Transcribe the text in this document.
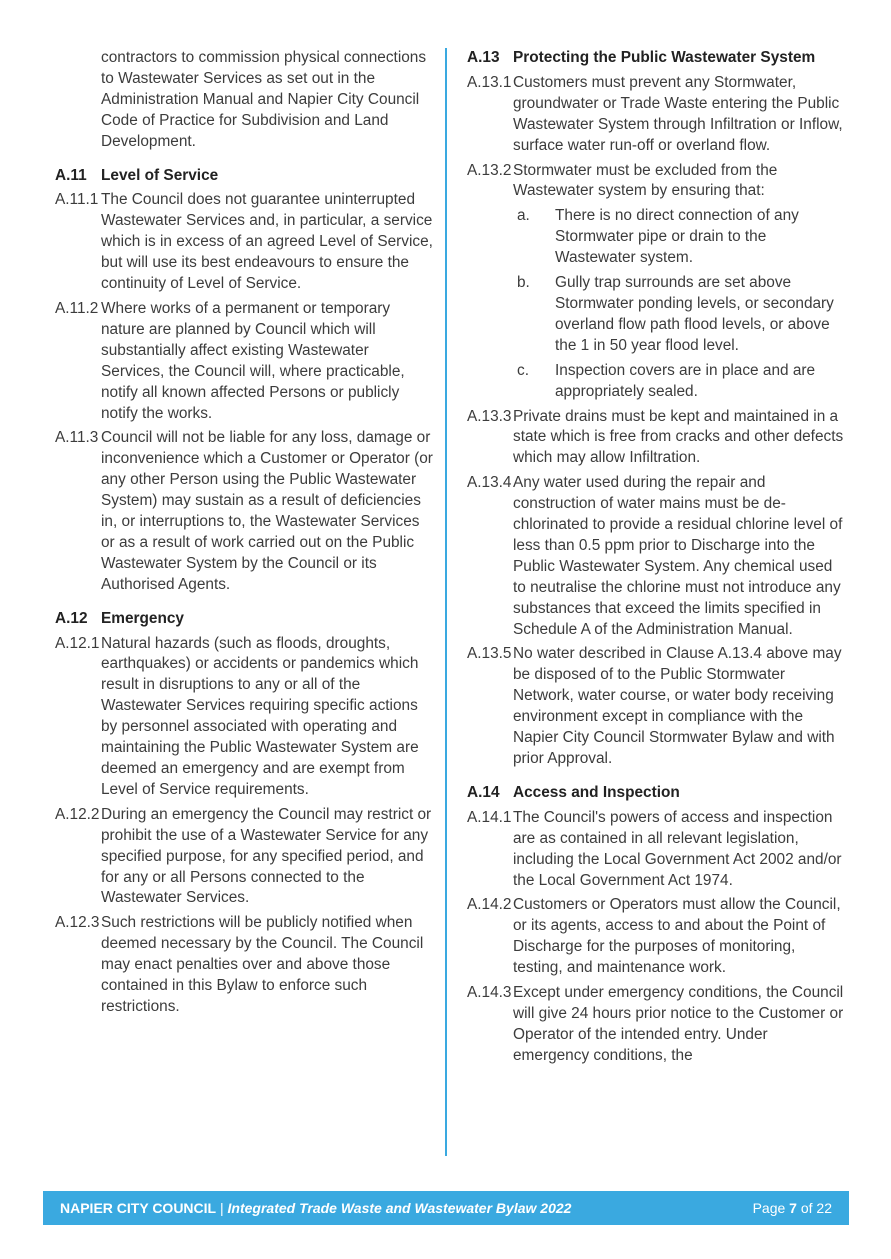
contractors to commission physical connections to Wastewater Services as set out in the Administration Manual and Napier City Council Code of Practice for Subdivision and Land Development.
A.11 Level of Service
A.11.1 The Council does not guarantee uninterrupted Wastewater Services and, in particular, a service which is in excess of an agreed Level of Service, but will use its best endeavours to ensure the continuity of Level of Service.
A.11.2 Where works of a permanent or temporary nature are planned by Council which will substantially affect existing Wastewater Services, the Council will, where practicable, notify all known affected Persons or publicly notify the works.
A.11.3 Council will not be liable for any loss, damage or inconvenience which a Customer or Operator (or any other Person using the Public Wastewater System) may sustain as a result of deficiencies in, or interruptions to, the Wastewater Services or as a result of work carried out on the Public Wastewater System by the Council or its Authorised Agents.
A.12 Emergency
A.12.1 Natural hazards (such as floods, droughts, earthquakes) or accidents or pandemics which result in disruptions to any or all of the Wastewater Services requiring specific actions by personnel associated with operating and maintaining the Public Wastewater System are deemed an emergency and are exempt from Level of Service requirements.
A.12.2 During an emergency the Council may restrict or prohibit the use of a Wastewater Service for any specified purpose, for any specified period, and for any or all Persons connected to the Wastewater Services.
A.12.3 Such restrictions will be publicly notified when deemed necessary by the Council. The Council may enact penalties over and above those contained in this Bylaw to enforce such restrictions.
A.13 Protecting the Public Wastewater System
A.13.1 Customers must prevent any Stormwater, groundwater or Trade Waste entering the Public Wastewater System through Infiltration or Inflow, surface water run-off or overland flow.
A.13.2 Stormwater must be excluded from the Wastewater system by ensuring that:
a. There is no direct connection of any Stormwater pipe or drain to the Wastewater system.
b. Gully trap surrounds are set above Stormwater ponding levels, or secondary overland flow path flood levels, or above the 1 in 50 year flood level.
c. Inspection covers are in place and are appropriately sealed.
A.13.3 Private drains must be kept and maintained in a state which is free from cracks and other defects which may allow Infiltration.
A.13.4 Any water used during the repair and construction of water mains must be de-chlorinated to provide a residual chlorine level of less than 0.5 ppm prior to Discharge into the Public Wastewater System. Any chemical used to neutralise the chlorine must not introduce any substances that exceed the limits specified in Schedule A of the Administration Manual.
A.13.5 No water described in Clause A.13.4 above may be disposed of to the Public Stormwater Network, water course, or water body receiving environment except in compliance with the Napier City Council Stormwater Bylaw and with prior Approval.
A.14 Access and Inspection
A.14.1 The Council's powers of access and inspection are as contained in all relevant legislation, including the Local Government Act 2002 and/or the Local Government Act 1974.
A.14.2 Customers or Operators must allow the Council, or its agents, access to and about the Point of Discharge for the purposes of monitoring, testing, and maintenance work.
A.14.3 Except under emergency conditions, the Council will give 24 hours prior notice to the Customer or Operator of the intended entry. Under emergency conditions, the
NAPIER CITY COUNCIL | Integrated Trade Waste and Wastewater Bylaw 2022	Page 7 of 22
